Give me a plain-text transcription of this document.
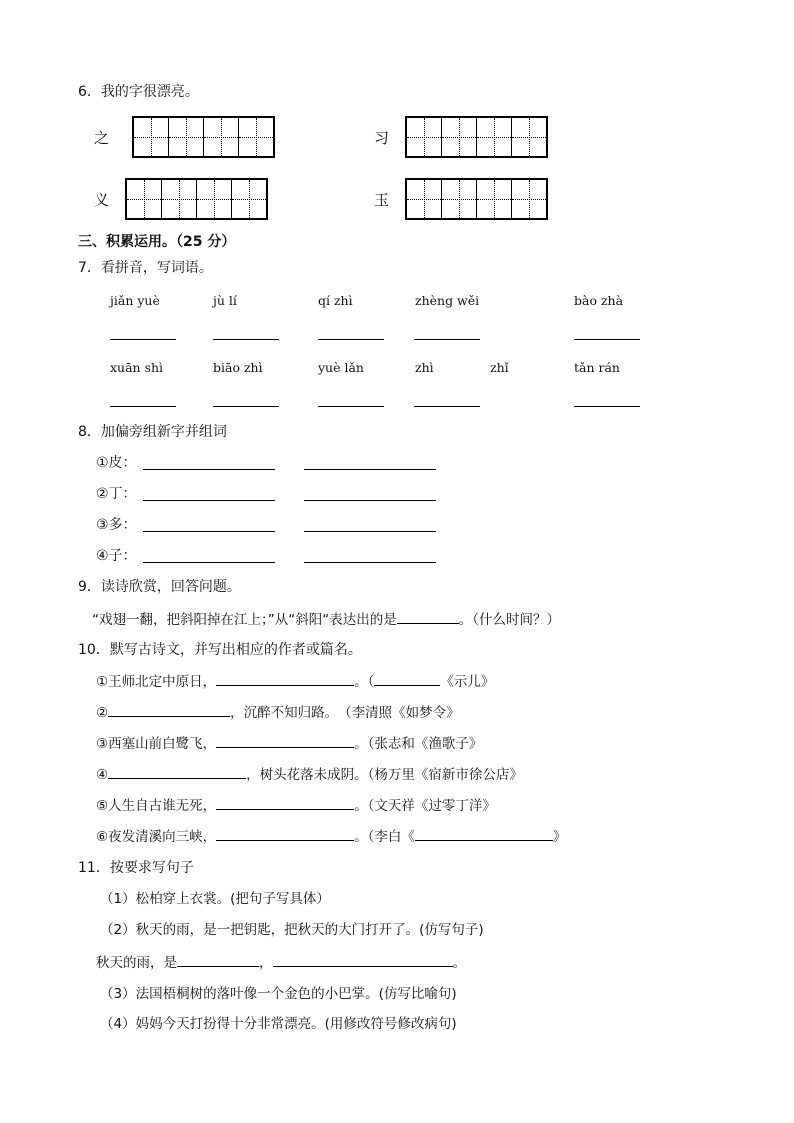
6．我的字很漂亮。
之	习
义	玉
三、积累运用。（25 分）
7．看拼音，写词语。
jiǎn yuè	jù lí	qí zhì	zhèng wěi	bào zhà
xuān shì	biāo zhì	yuè lǎn	zhì	zhǐ	tǎn rán
8．加偏旁组新字并组词
①皮：
②丁：
③多：
④子：
9．读诗欣赏，回答问题。
“戏翅一翻，把斜阳掉在江上；”从“斜阳“表达出的是	。（什么时间？）
10．默写古诗文，并写出相应的作者或篇名。
①王师北定中原日，	。（	《示儿》
②	，沉醉不知归路。　（李清照《如梦令》
③西塞山前白鹭飞，	。（张志和《渔歌子》
④	，树头花落未成阴。（杨万里《宿新市徐公店》
⑤人生自古谁无死，	。（文天祥《过零丁洋》
⑥夜发清溪向三峡，	。（李白《	》
11．按要求写句子
（1）松柏穿上衣裳。(把句子写具体）
（2）秋天的雨，是一把钥匙，把秋天的大门打开了。(仿写句子)
秋天的雨，是	，	。
（3）法国梧桐树的落叶像一个金色的小巴掌。(仿写比喻句)
（4）妈妈今天打扮得十分非常漂亮。(用修改符号修改病句)
